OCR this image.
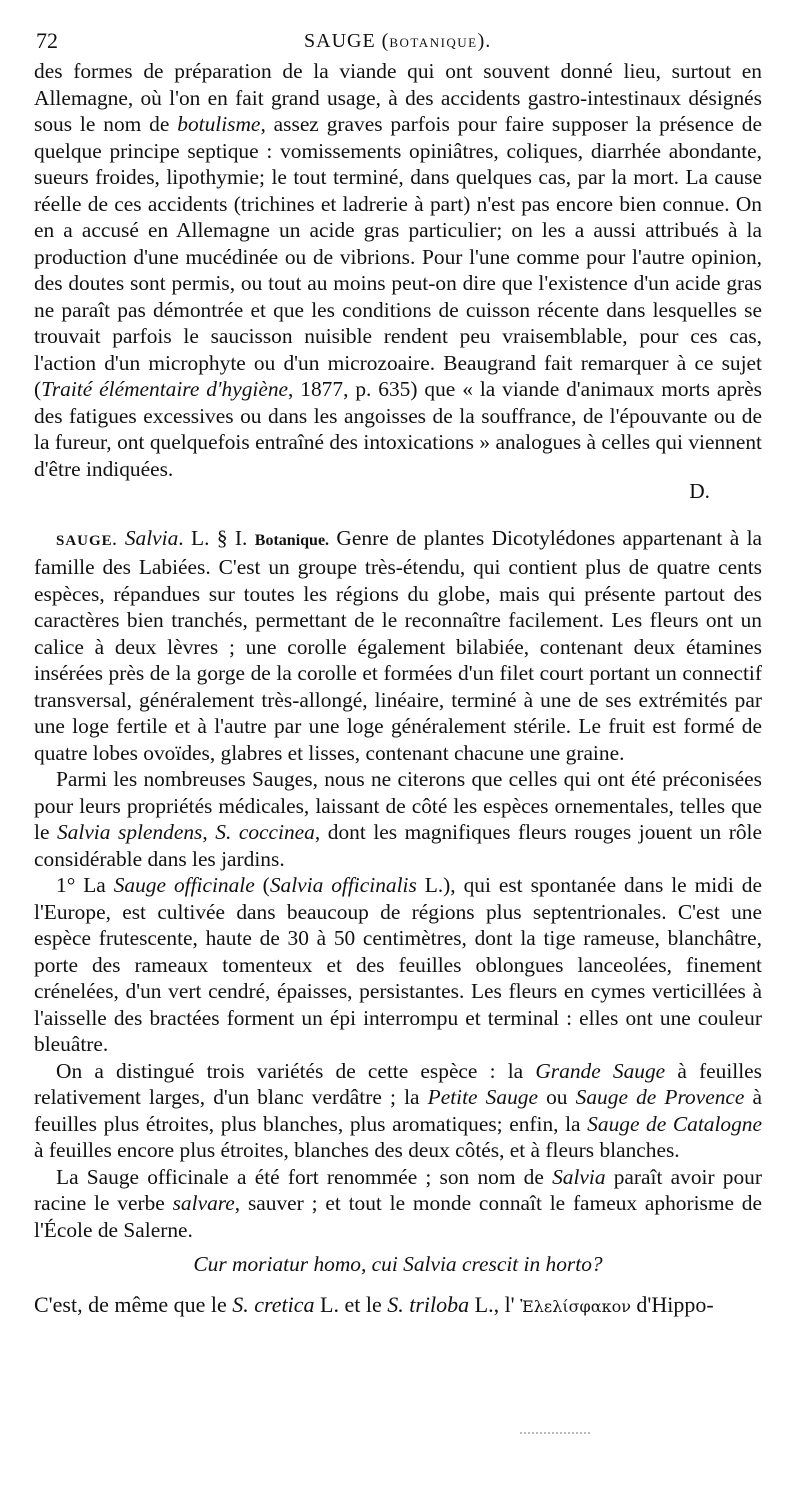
72	SAUGE (BOTANIQUE).

des formes de préparation de la viande qui ont souvent donné lieu, surtout en Allemagne, où l'on en fait grand usage, à des accidents gastro-intestinaux désignés sous le nom de botulisme, assez graves parfois pour faire supposer la présence de quelque principe septique : vomissements opiniâtres, coliques, diarrhée abondante, sueurs froides, lipothymie; le tout terminé, dans quelques cas, par la mort. La cause réelle de ces accidents (trichines et ladrerie à part) n'est pas encore bien connue. On en a accusé en Allemagne un acide gras particulier; on les a aussi attribués à la production d'une mucédinée ou de vibrions. Pour l'une comme pour l'autre opinion, des doutes sont permis, ou tout au moins peut-on dire que l'existence d'un acide gras ne paraît pas démontrée et que les conditions de cuisson récente dans lesquelles se trouvait parfois le saucisson nuisible rendent peu vraisemblable, pour ces cas, l'action d'un microphyte ou d'un microzoaire. Beaugrand fait remarquer à ce sujet (Traité élémentaire d'hygiène, 1877, p. 635) que « la viande d'animaux morts après des fatigues excessives ou dans les angoisses de la souffrance, de l'épouvante ou de la fureur, ont quelquefois entraîné des intoxications » analogues à celles qui viennent d'être indiquées.

D.

SAUGE. Salvia. L. § I. Botanique. Genre de plantes Dicotylédones appartenant à la famille des Labiées. C'est un groupe très-étendu, qui contient plus de quatre cents espèces, répandues sur toutes les régions du globe, mais qui présente partout des caractères bien tranchés, permettant de le reconnaître facilement. Les fleurs ont un calice à deux lèvres ; une corolle également bilabiée, contenant deux étamines insérées près de la gorge de la corolle et formées d'un filet court portant un connectif transversal, généralement très-allongé, linéaire, terminé à une de ses extrémités par une loge fertile et à l'autre par une loge généralement stérile. Le fruit est formé de quatre lobes ovoïdes, glabres et lisses, contenant chacune une graine.

Parmi les nombreuses Sauges, nous ne citerons que celles qui ont été préconisées pour leurs propriétés médicales, laissant de côté les espèces ornementales, telles que le Salvia splendens, S. coccinea, dont les magnifiques fleurs rouges jouent un rôle considérable dans les jardins.

1° La Sauge officinale (Salvia officinalis L.), qui est spontanée dans le midi de l'Europe, est cultivée dans beaucoup de régions plus septentrionales. C'est une espèce frutescente, haute de 30 à 50 centimètres, dont la tige rameuse, blanchâtre, porte des rameaux tomenteux et des feuilles oblongues lanceolées, finement crénelées, d'un vert cendré, épaisses, persistantes. Les fleurs en cymes verticillées à l'aisselle des bractées forment un épi interrompu et terminal : elles ont une couleur bleuâtre.

On a distingué trois variétés de cette espèce : la Grande Sauge à feuilles relativement larges, d'un blanc verdâtre ; la Petite Sauge ou Sauge de Provence à feuilles plus étroites, plus blanches, plus aromatiques; enfin, la Sauge de Catalogne à feuilles encore plus étroites, blanches des deux côtés, et à fleurs blanches.

La Sauge officinale a été fort renommée ; son nom de Salvia paraît avoir pour racine le verbe salvare, sauver ; et tout le monde connaît le fameux aphorisme de l'École de Salerne.

Cur moriatur homo, cui Salvia crescit in horto?

C'est, de même que le S. cretica L. et le S. triloba L., l' Ἐλελίσφακον d'Hippo-
